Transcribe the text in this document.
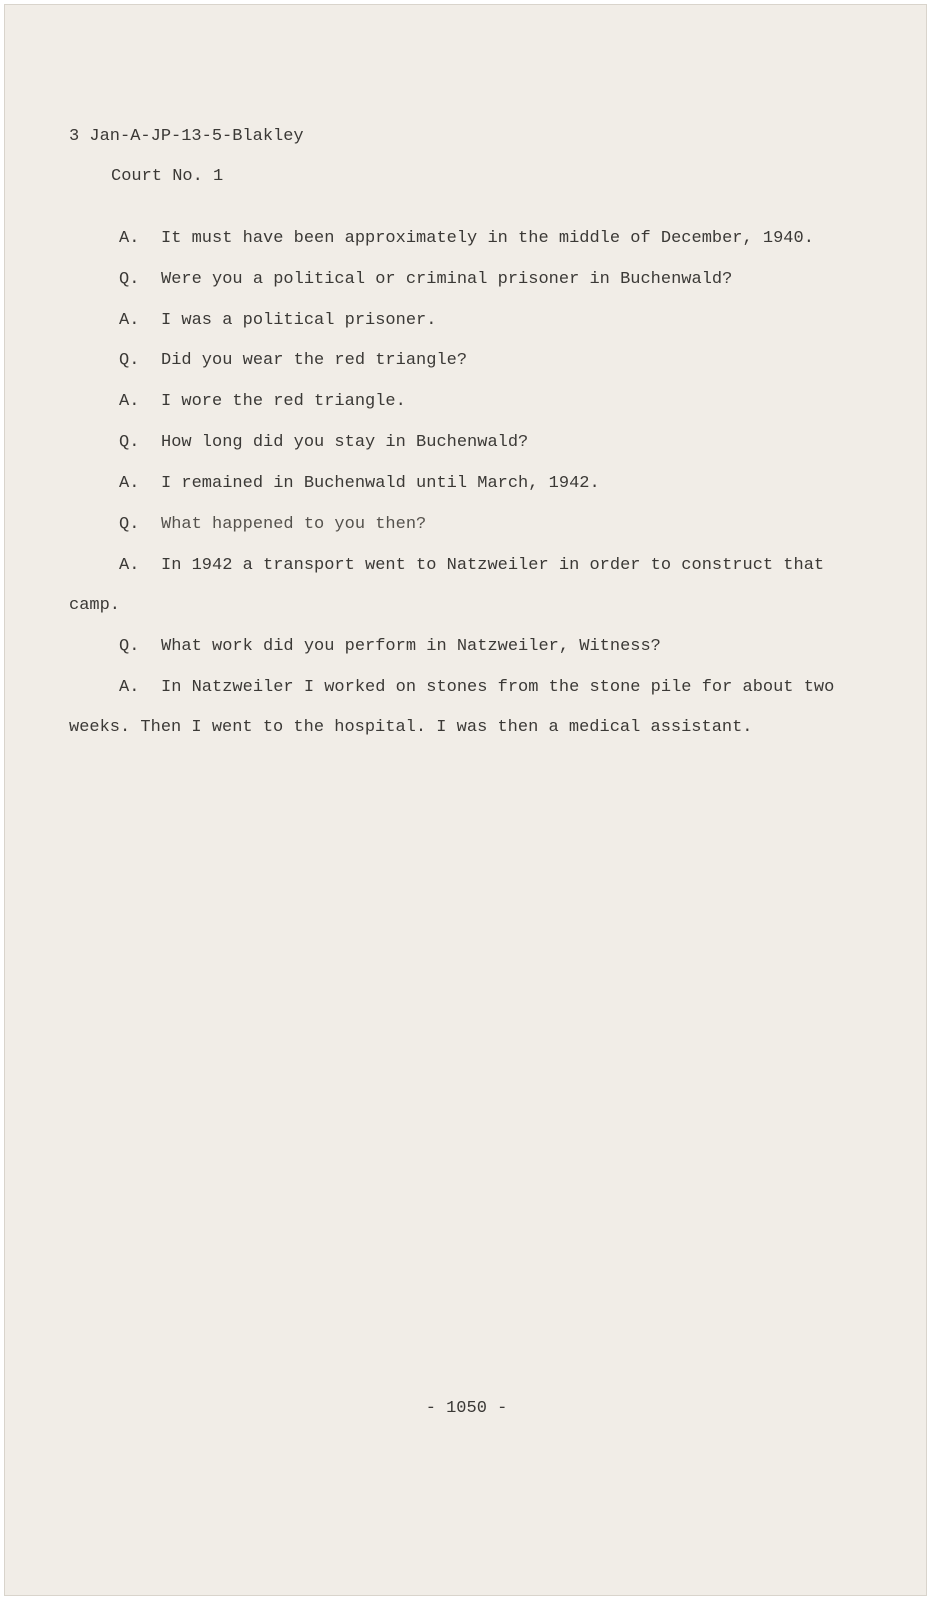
3 Jan-A-JP-13-5-Blakley
Court No. 1
A. It must have been approximately in the middle of December, 1940.
Q. Were you a political or criminal prisoner in Buchenwald?
A. I was a political prisoner.
Q. Did you wear the red triangle?
A. I wore the red triangle.
Q. How long did you stay in Buchenwald?
A. I remained in Buchenwald until March, 1942.
Q. What happened to you then?
A. In 1942 a transport went to Natzweiler in order to construct that
camp.
Q. What work did you perform in Natzweiler, Witness?
A. In Natzweiler I worked on stones from the stone pile for about two
weeks. Then I went to the hospital. I was then a medical assistant.
- 1050 -
